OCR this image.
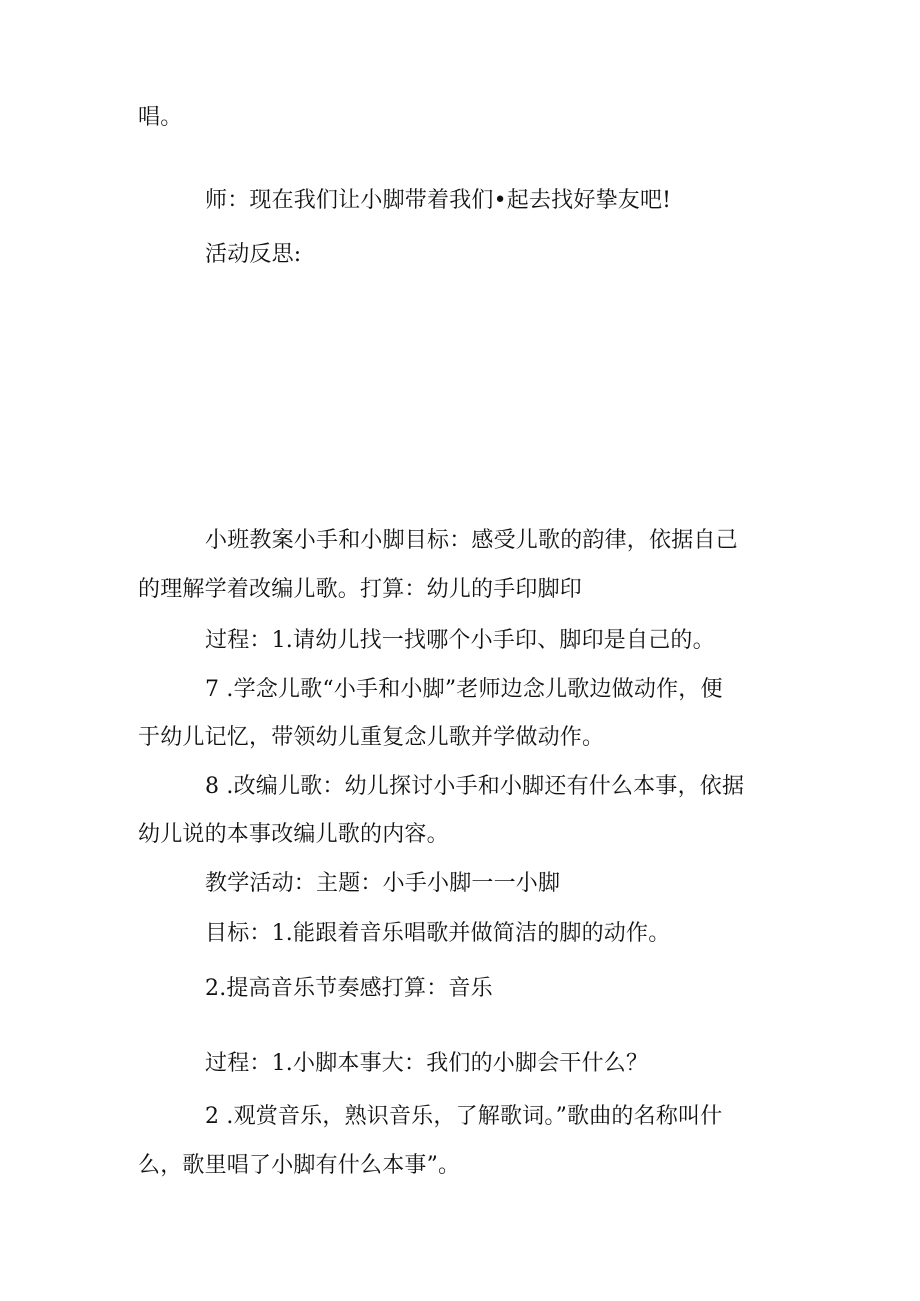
唱。
师：现在我们让小脚带着我们•起去找好挚友吧!
活动反思:
小班教案小手和小脚目标：感受儿歌的韵律，依据自己
的理解学着改编儿歌。打算：幼儿的手印脚印
过程：1.请幼儿找一找哪个小手印、脚印是自己的。
7 .学念儿歌“小手和小脚”老师边念儿歌边做动作，便
于幼儿记忆，带领幼儿重复念儿歌并学做动作。
8 .改编儿歌：幼儿探讨小手和小脚还有什么本事，依据
幼儿说的本事改编儿歌的内容。
教学活动：主题：小手小脚一一小脚
目标：1.能跟着音乐唱歌并做简洁的脚的动作。
2.提高音乐节奏感打算：音乐
过程：1.小脚本事大：我们的小脚会干什么？
2 .观赏音乐，熟识音乐，了解歌词。”歌曲的名称叫什
么，歌里唱了小脚有什么本事”。
